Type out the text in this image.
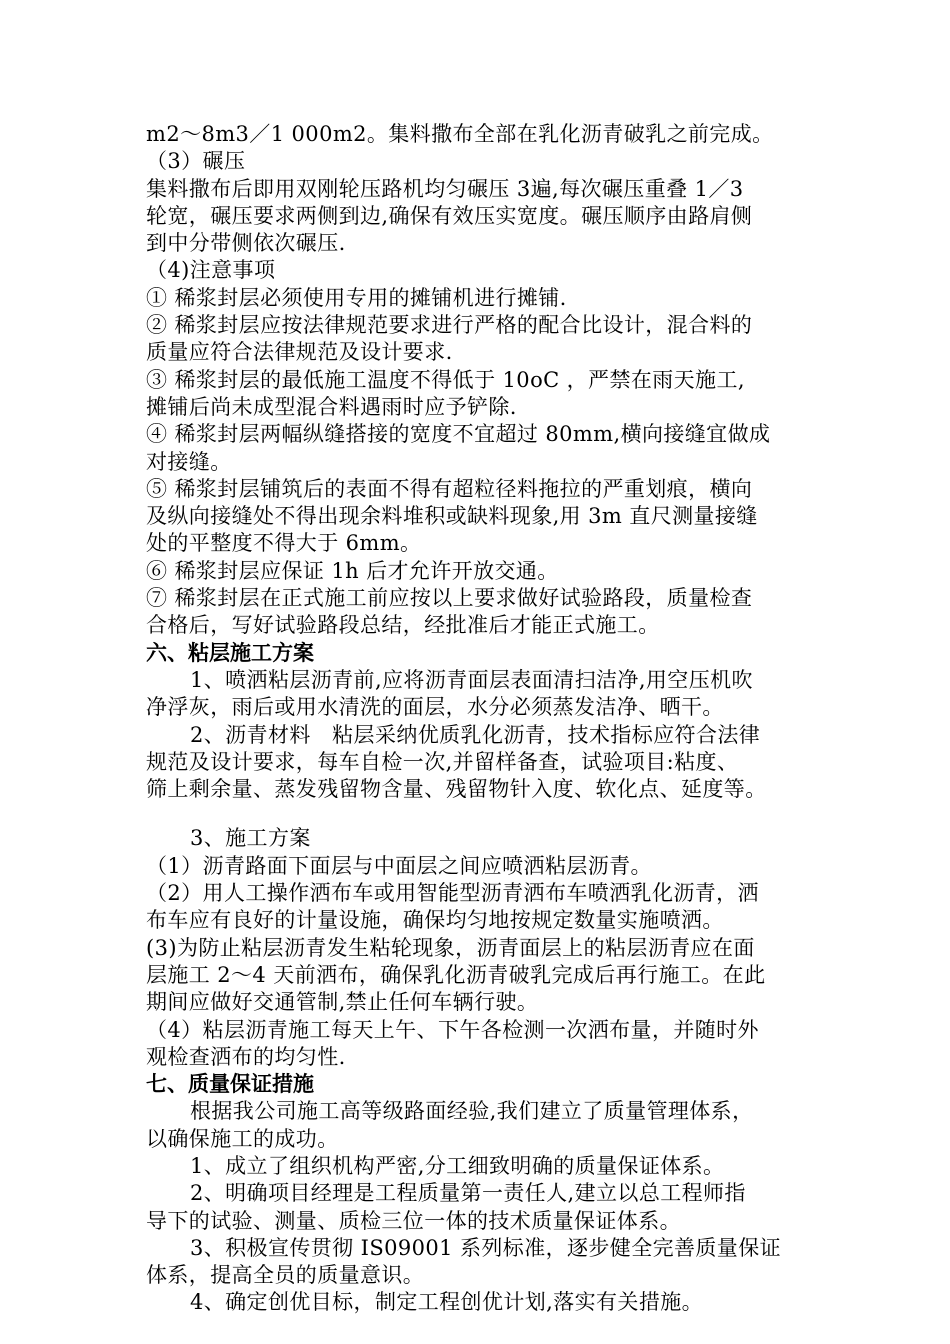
m2～8m3／1 000m2。集料撒布全部在乳化沥青破乳之前完成。
（3）碾压
集料撒布后即用双刚轮压路机均匀碾压 3遍,每次碾压重叠 1／3
轮宽，碾压要求两侧到边,确保有效压实宽度。碾压顺序由路肩侧
到中分带侧依次碾压.
（4)注意事项
① 稀浆封层必须使用专用的摊铺机进行摊铺.
② 稀浆封层应按法律规范要求进行严格的配合比设计，混合料的
质量应符合法律规范及设计要求.
③ 稀浆封层的最低施工温度不得低于 10oC ，严禁在雨天施工,
摊铺后尚未成型混合料遇雨时应予铲除.
④ 稀浆封层两幅纵缝搭接的宽度不宜超过 80mm,横向接缝宜做成
对接缝。
⑤ 稀浆封层铺筑后的表面不得有超粒径料拖拉的严重划痕，横向
及纵向接缝处不得出现余料堆积或缺料现象,用 3m 直尺测量接缝
处的平整度不得大于 6mm。
⑥ 稀浆封层应保证 1h 后才允许开放交通。
⑦ 稀浆封层在正式施工前应按以上要求做好试验路段，质量检查
合格后，写好试验路段总结，经批准后才能正式施工。
六、粘层施工方案
1、喷洒粘层沥青前,应将沥青面层表面清扫洁净,用空压机吹
净浮灰，雨后或用水清洗的面层，水分必须蒸发洁净、晒干。
2、沥青材料　粘层采纳优质乳化沥青，技术指标应符合法律
规范及设计要求，每车自检一次,并留样备查，试验项目:粘度、
筛上剩余量、蒸发残留物含量、残留物针入度、软化点、延度等。
3、施工方案
（1）沥青路面下面层与中面层之间应喷洒粘层沥青。
（2）用人工操作洒布车或用智能型沥青洒布车喷洒乳化沥青，洒
布车应有良好的计量设施，确保均匀地按规定数量实施喷洒。
(3)为防止粘层沥青发生粘轮现象，沥青面层上的粘层沥青应在面
层施工 2～4 天前洒布，确保乳化沥青破乳完成后再行施工。在此
期间应做好交通管制,禁止任何车辆行驶。
（4）粘层沥青施工每天上午、下午各检测一次洒布量，并随时外
观检查洒布的均匀性.
七、质量保证措施
根据我公司施工高等级路面经验,我们建立了质量管理体系，
以确保施工的成功。
1、成立了组织机构严密,分工细致明确的质量保证体系。
2、明确项目经理是工程质量第一责任人,建立以总工程师指
导下的试验、测量、质检三位一体的技术质量保证体系。
3、积极宣传贯彻 IS09001 系列标准，逐步健全完善质量保证
体系，提高全员的质量意识。
4、确定创优目标，制定工程创优计划,落实有关措施。
